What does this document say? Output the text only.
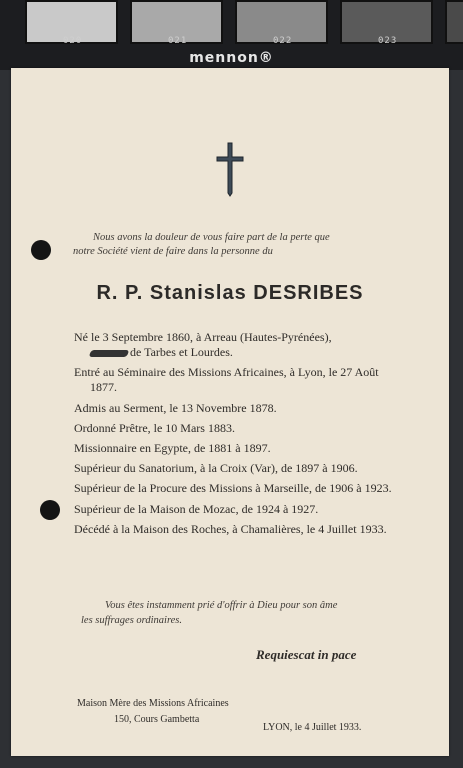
020	021	022	023
mennon®
Nous avons la douleur de vous faire part de la perte que
notre Société vient de faire dans la personne du
R. P. Stanislas DESRIBES
Né le 3 Septembre 1860, à Arreau (Hautes-Pyrénées),
de Tarbes et Lourdes.
Entré au Séminaire des Missions Africaines, à Lyon, le 27 Août 1877.
Admis au Serment, le 13 Novembre 1878.
Ordonné Prêtre, le 10 Mars 1883.
Missionnaire en Egypte, de 1881 à 1897.
Supérieur du Sanatorium, à la Croix (Var), de 1897 à 1906.
Supérieur de la Procure des Missions à Marseille, de 1906 à 1923.
Supérieur de la Maison de Mozac, de 1924 à 1927.
Décédé à la Maison des Roches, à Chamalières, le 4 Juillet 1933.
Vous êtes instamment prié d'offrir à Dieu pour son âme
les suffrages ordinaires.
Requiescat in pace
Maison Mère des Missions Africaines
150, Cours Gambetta
LYON, le 4 Juillet 1933.
